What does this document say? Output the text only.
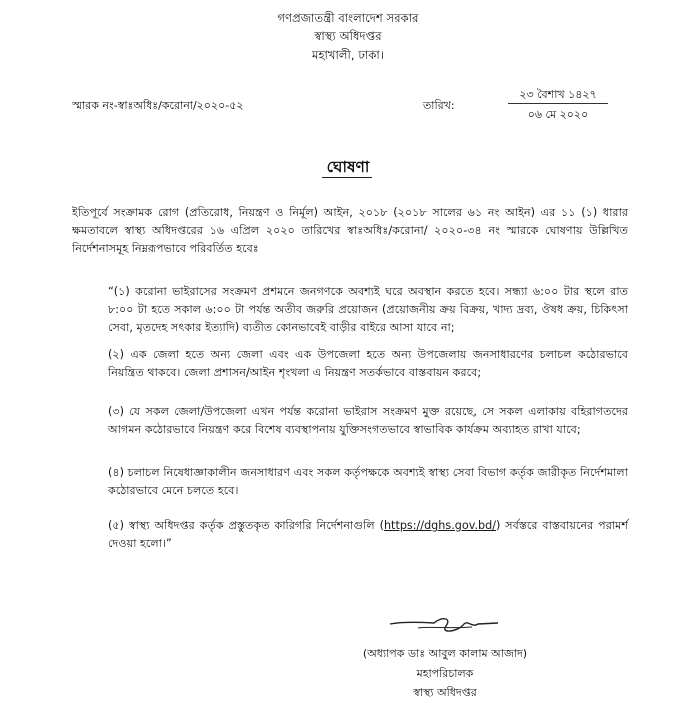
গণপ্রজাতন্ত্রী বাংলাদেশ সরকার
স্বাস্থ্য অধিদপ্তর
মহাখালী, ঢাকা।
স্মারক নং-স্বাঃঅধিঃ/করোনা/২০২০-৫২	তারিখ:
২৩ বৈশাখ ১৪২৭
০৬ মে ২০২০
ঘোষণা
ইতিপূর্বে সংক্রামক রোগ (প্রতিরোধ, নিয়ন্ত্রণ ও নির্মূল) আইন, ২০১৮ (২০১৮ সালের ৬১ নং আইন) এর ১১ (১) ধারার ক্ষমতাবলে স্বাস্থ্য অধিদপ্তরের ১৬ এপ্রিল ২০২০ তারিখের স্বাঃঅধিঃ/করোনা/ ২০২০-৩৪ নং স্মারকে ঘোষণায় উল্লিখিত নির্দেশনাসমূহ নিম্নরূপভাবে পরিবর্তিত হবেঃ
“(১) করোনা ভাইরাসের সংক্রমণ প্রশমনে জনগণকে অবশ্যই ঘরে অবস্থান করতে হবে। সন্ধ্যা ৬:০০ টার স্থলে রাত ৮:০০ টা হতে সকাল ৬:০০ টা পর্যন্ত অতীব জরুরি প্রয়োজন (প্রয়োজনীয় ক্রয় বিক্রয়, খাদ্য দ্রব্য, ঔষধ ক্রয়, চিকিৎসা সেবা, মৃতদেহ সৎকার ইত্যাদি) ব্যতীত কোনভাবেই বাড়ীর বাইরে আসা যাবে না;
(২) এক জেলা হতে অন্য জেলা এবং এক উপজেলা হতে অন্য উপজেলায় জনসাধারণের চলাচল কঠোরভাবে নিয়ন্ত্রিত থাকবে। জেলা প্রশাসন/আইন শৃংখলা এ নিয়ন্ত্রণ সতর্কভাবে বাস্তবায়ন করবে;
(৩) যে সকল জেলা/উপজেলা এখন পর্যন্ত করোনা ভাইরাস সংক্রমণ মুক্ত রয়েছে, সে সকল এলাকায় বহিরাগতদের আগমন কঠোরভাবে নিয়ন্ত্রণ করে বিশেষ ব্যবস্থাপনায় যুক্তিসংগতভাবে স্বাভাবিক কার্যক্রম অব্যাহত রাখা যাবে;
(৪) চলাচল নিষেধাজ্ঞাকালীন জনসাধারণ এবং সকল কর্তৃপক্ষকে অবশ্যই স্বাস্থ্য সেবা বিভাগ কর্তৃক জারীকৃত নির্দেশমালা কঠোরভাবে মেনে চলতে হবে।
(৫) স্বাস্থ্য অধিদপ্তর কর্তৃক প্রস্তুতকৃত কারিগরি নির্দেশনাগুলি (https://dghs.gov.bd/) সর্বস্তরে বাস্তবায়নের পরামর্শ দেওয়া হলো।”
(অধ্যাপক ডাঃ আবুল কালাম আজাদ)
মহাপরিচালক
স্বাস্থ্য অধিদপ্তর
